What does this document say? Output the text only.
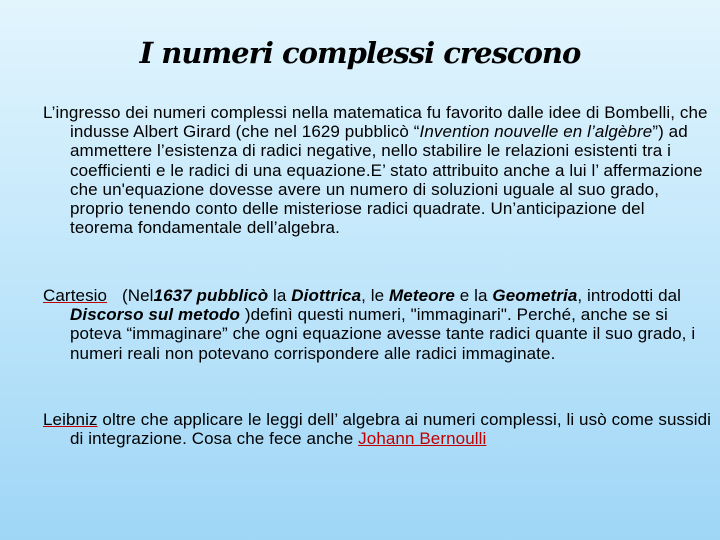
I numeri complessi crescono
L’ingresso dei numeri complessi nella matematica fu favorito dalle idee di Bombelli, che indusse Albert Girard (che nel 1629 pubblicò “Invention nouvelle en l’algèbre”) ad ammettere l’esistenza di radici negative, nello stabilire le relazioni esistenti tra i coefficienti e le radici di una equazione.E’ stato attribuito anche a lui l’ affermazione che un'equazione dovesse avere un numero di soluzioni uguale al suo grado, proprio tenendo conto delle misteriose radici quadrate. Un’anticipazione del teorema fondamentale dell’algebra.
Cartesio (Nel1637 pubblicò la Diottrica, le Meteore e la Geometria, introdotti dal Discorso sul metodo )definì questi numeri, "immaginari". Perché, anche se si poteva “immaginare” che ogni equazione avesse tante radici quante il suo grado, i numeri reali non potevano corrispondere alle radici immaginate.
Leibniz oltre che applicare le leggi dell’ algebra ai numeri complessi, li usò come sussidi di integrazione. Cosa che fece anche Johann Bernoulli
